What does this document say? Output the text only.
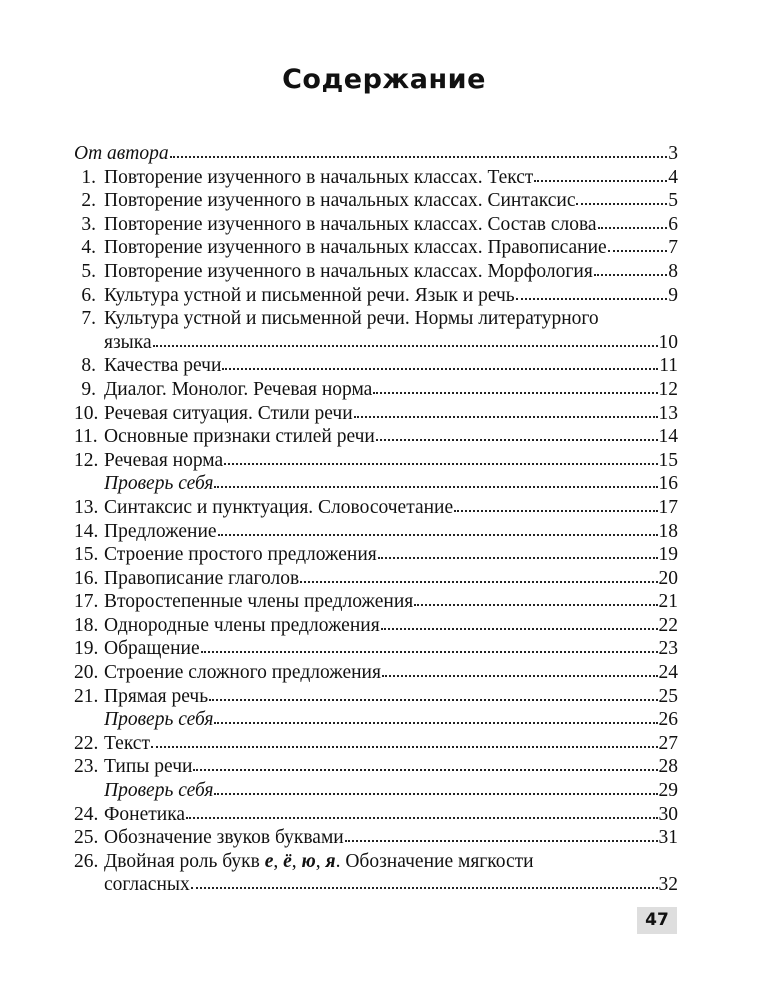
Содержание
От автора	3
1. Повторение изученного в начальных классах. Текст	4
2. Повторение изученного в начальных классах. Синтаксис	5
3. Повторение изученного в начальных классах. Состав слова	6
4. Повторение изученного в начальных классах. Правописание	7
5. Повторение изученного в начальных классах. Морфология	8
6. Культура устной и письменной речи. Язык и речь	9
7. Культура устной и письменной речи. Нормы литературного
языка	10
8. Качества речи	11
9. Диалог. Монолог. Речевая норма	12
10. Речевая ситуация. Стили речи	13
11. Основные признаки стилей речи	14
12. Речевая норма	15
Проверь себя	16
13. Синтаксис и пунктуация. Словосочетание	17
14. Предложение	18
15. Строение простого предложения	19
16. Правописание глаголов	20
17. Второстепенные члены предложения	21
18. Однородные члены предложения	22
19. Обращение	23
20. Строение сложного предложения	24
21. Прямая речь	25
Проверь себя	26
22. Текст	27
23. Типы речи	28
Проверь себя	29
24. Фонетика	30
25. Обозначение звуков буквами	31
26. Двойная роль букв е, ё, ю, я. Обозначение мягкости
согласных	32
47
